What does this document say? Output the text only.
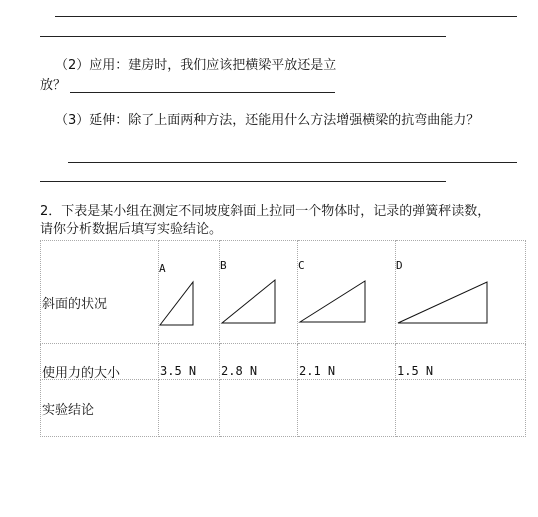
（2）应用：建房时，我们应该把横梁平放还是立
放？
（3）延伸：除了上面两种方法，还能用什么方法增强横梁的抗弯曲能力？
2．下表是某小组在测定不同坡度斜面上拉同一个物体时，记录的弹簧秤读数，
请你分析数据后填写实验结论。
斜面的状况	A	B	C	D

使用力的大小	3.5 N	2.8 N	2.1 N	1.5 N

实验结论				
